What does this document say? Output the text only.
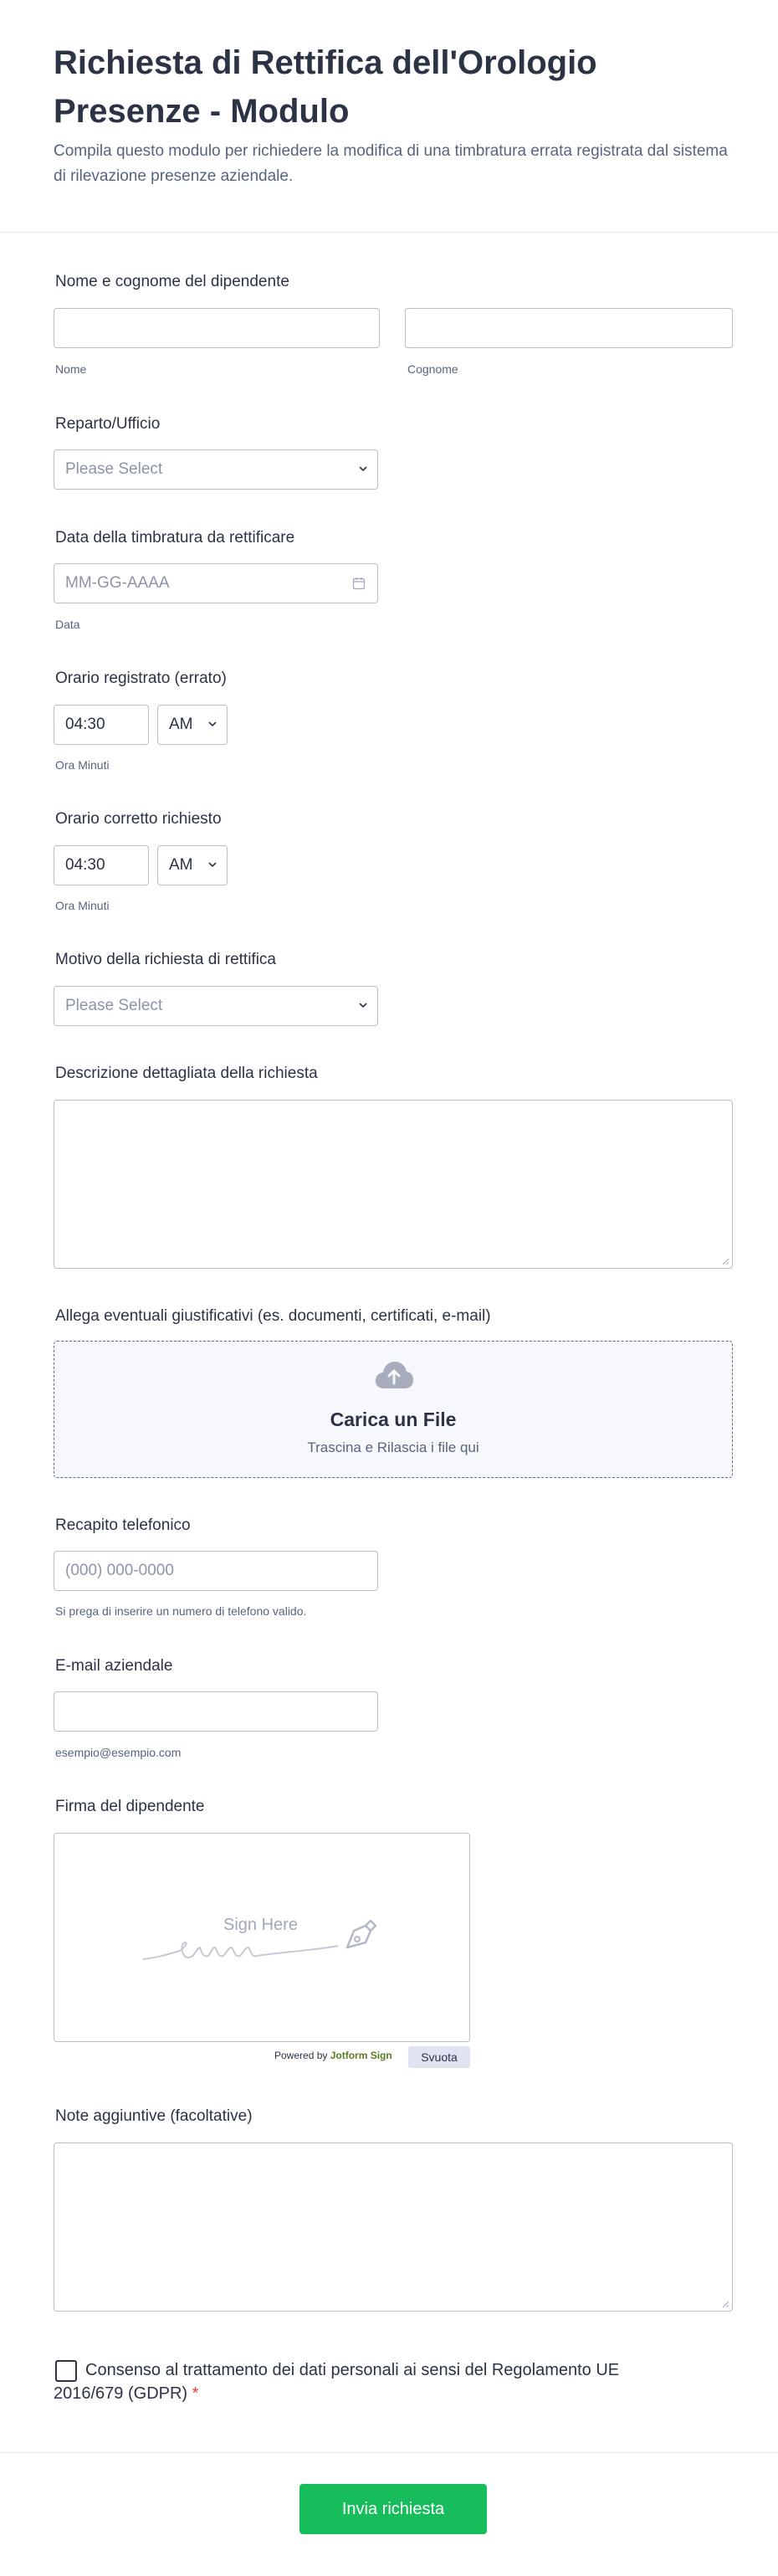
Richiesta di Rettifica dell'Orologio Presenze - Modulo
Compila questo modulo per richiedere la modifica di una timbratura errata registrata dal sistema di rilevazione presenze aziendale.
Nome e cognome del dipendente
Nome	Cognome
Reparto/Ufficio
Please Select
Data della timbratura da rettificare
MM-GG-AAAA
Data
Orario registrato (errato)
04:30	AM
Ora Minuti
Orario corretto richiesto
04:30	AM
Ora Minuti
Motivo della richiesta di rettifica
Please Select
Descrizione dettagliata della richiesta
Allega eventuali giustificativi (es. documenti, certificati, e-mail)
Carica un File
Trascina e Rilascia i file qui
Recapito telefonico
(000) 000-0000
Si prega di inserire un numero di telefono valido.
E-mail aziendale
esempio@esempio.com
Firma del dipendente
Sign Here
Powered by Jotform Sign	Svuota
Note aggiuntive (facoltative)
Consenso al trattamento dei dati personali ai sensi del Regolamento UE 2016/679 (GDPR) *
Invia richiesta
